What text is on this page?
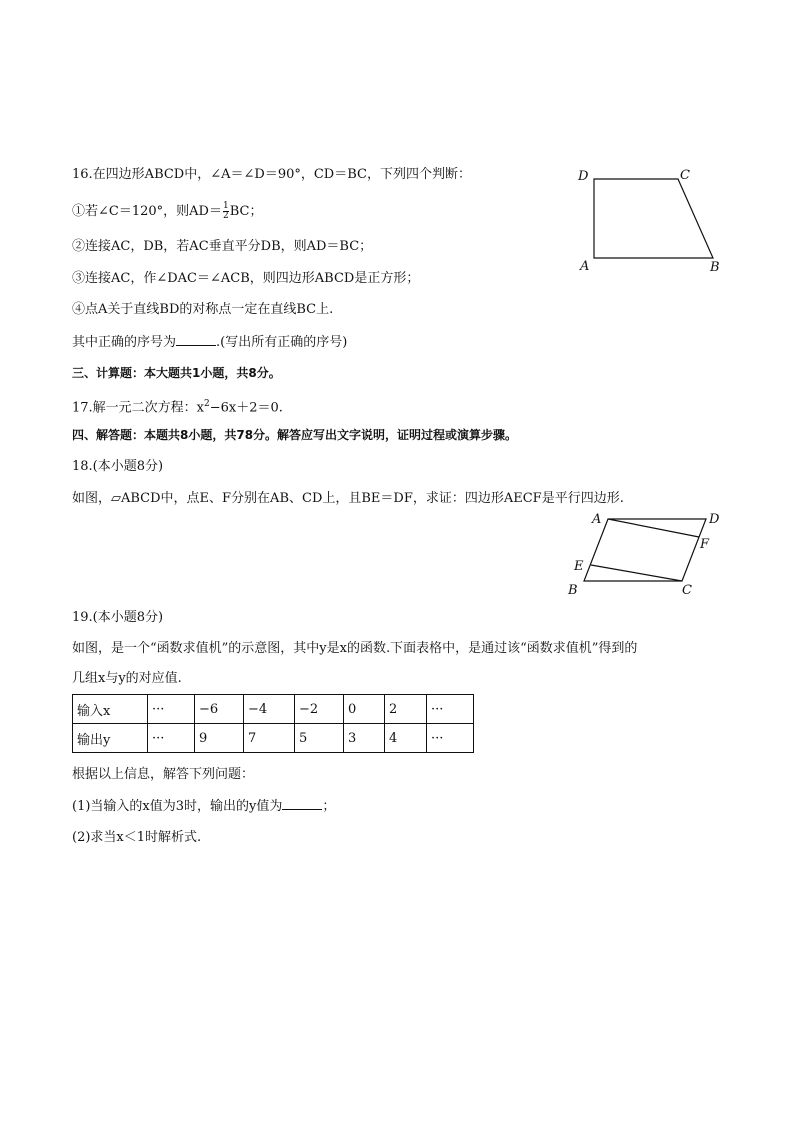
16.在四边形ABCD中，∠A＝∠D＝90°，CD＝BC，下列四个判断：
①若∠C＝120°，则$AD= \frac{1}{2}$ BC；
②连接AC，DB，若AC垂直平分DB，则AD＝BC；
③连接AC，作∠DAC＝∠ACB，则四边形ABCD是正方形；
④点A关于直线BD的对称点一定在直线BC上.
其中正确的序号为	.(写出所有正确的序号)
D	C
A	B
三、计算题：本大题共1小题，共8分。
17.解一元二次方程：$x^2-6x+2=0$.
四、解答题：本题共8小题，共78分。解答应写出文字说明，证明过程或演算步骤。
18.(本小题8分)
如图，▱ABCD中，点E、F分别在AB、CD上，且BE＝DF，求证：四边形AECF是平行四边形.
A	D
F
E
B	C
19.(本小题8分)
如图，是一个“函数求值机”的示意图，其中y是x的函数.下面表格中，是通过该“函数求值机”得到的
几组x与y的对应值.
输入x	···	−6	−4	−2	0	2	···
输出y	···	9	7	5	3	4	···
根据以上信息，解答下列问题：
(1)当输入的x值为3时，输出的y值为	；
(2)求当x＜1时解析式.
